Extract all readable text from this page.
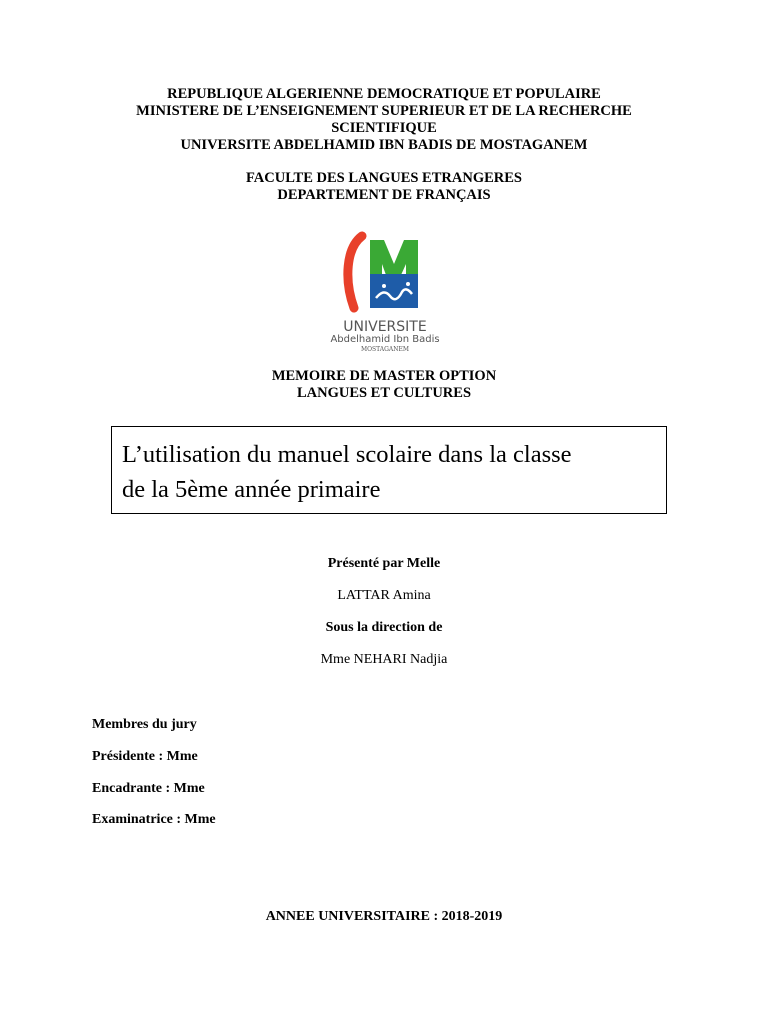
REPUBLIQUE ALGERIENNE DEMOCRATIQUE ET POPULAIRE
MINISTERE DE L’ENSEIGNEMENT SUPERIEUR ET DE LA RECHERCHE
SCIENTIFIQUE
UNIVERSITE ABDELHAMID IBN BADIS DE MOSTAGANEM
FACULTE DES LANGUES ETRANGERES
DEPARTEMENT DE FRANÇAIS
UNIVERSITE
Abdelhamid Ibn Badis
MOSTAGANEM
MEMOIRE DE MASTER OPTION
LANGUES ET CULTURES
L’utilisation du manuel scolaire dans la classe
de la 5ème année primaire
Présenté par Melle
LATTAR Amina
Sous la direction de
Mme NEHARI Nadjia
Membres du jury
Présidente : Mme
Encadrante : Mme
Examinatrice : Mme
ANNEE UNIVERSITAIRE : 2018-2019
